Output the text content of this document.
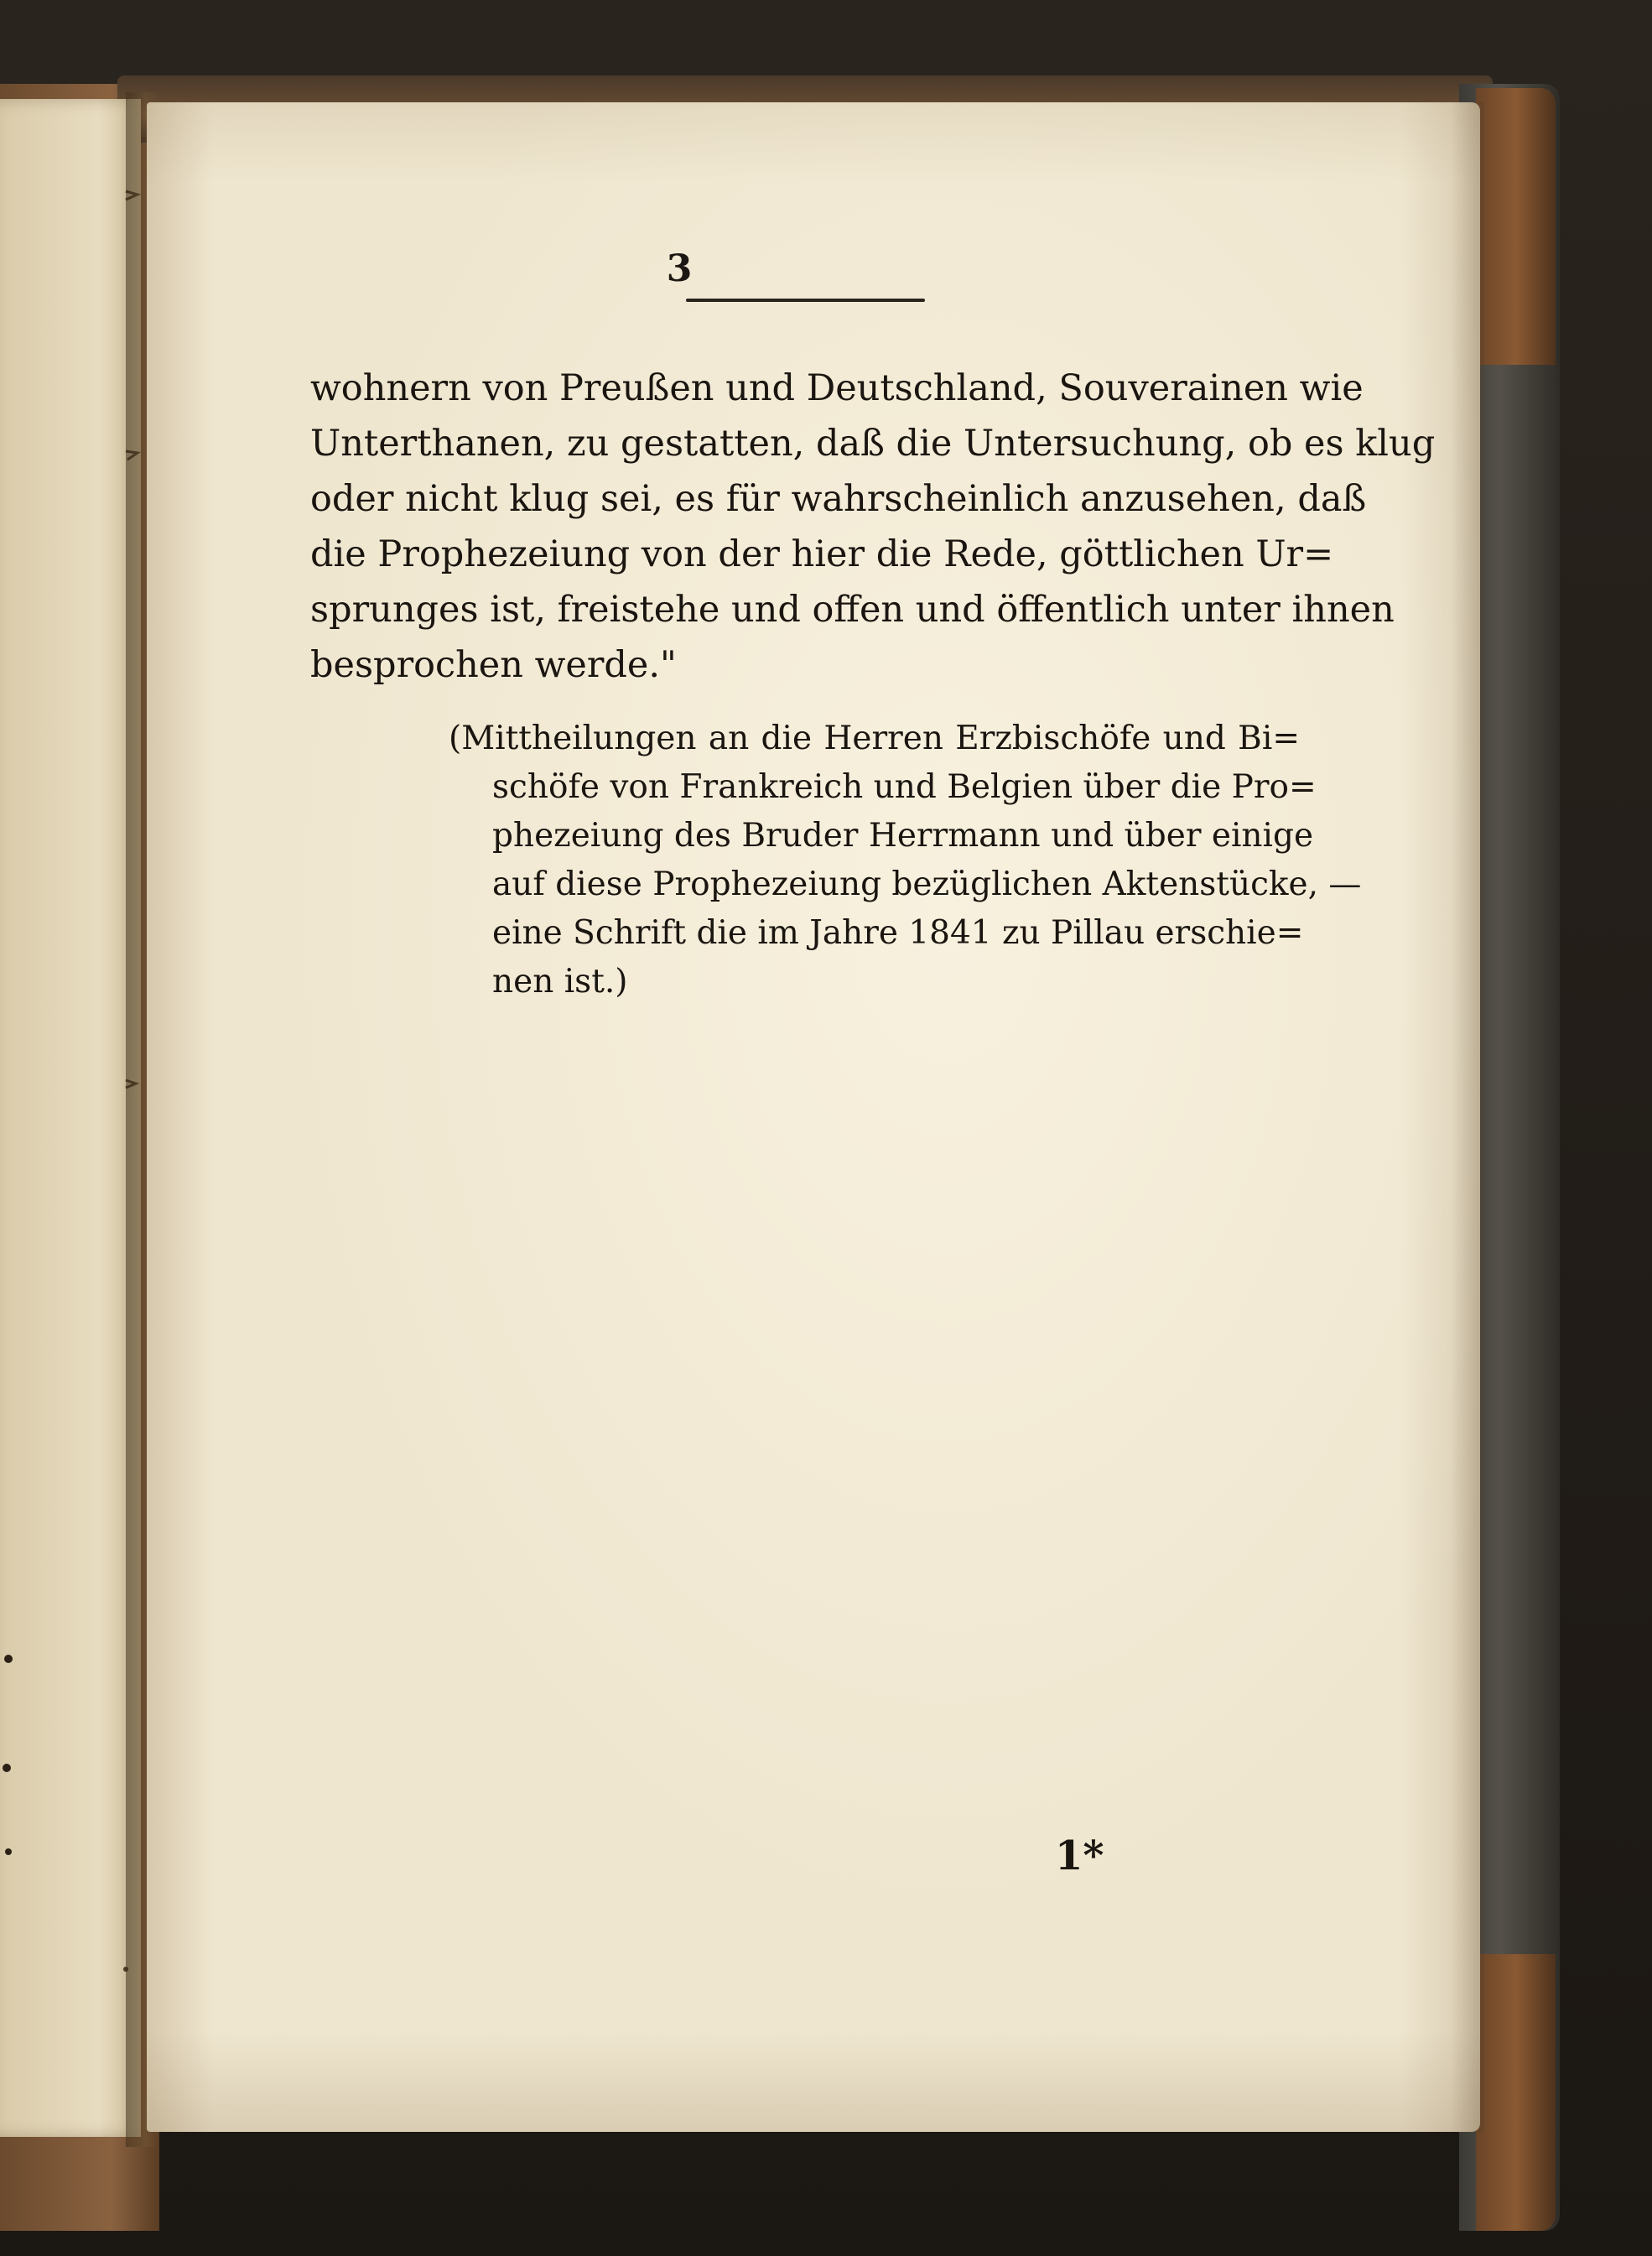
3
wohnern von Preußen und Deutschland, Souverainen wie
Unterthanen, zu gestatten, daß die Untersuchung, ob es klug
oder nicht klug sei, es für wahrscheinlich anzusehen, daß
die Prophezeiung von der hier die Rede, göttlichen Ur=
sprunges ist, freistehe und offen und öffentlich unter ihnen
besprochen werde."
(Mittheilungen an die Herren Erzbischöfe und Bi=
schöfe von Frankreich und Belgien über die Pro=
phezeiung des Bruder Herrmann und über einige
auf diese Prophezeiung bezüglichen Aktenstücke, —
eine Schrift die im Jahre 1841 zu Pillau erschie=
nen ist.)
1*
